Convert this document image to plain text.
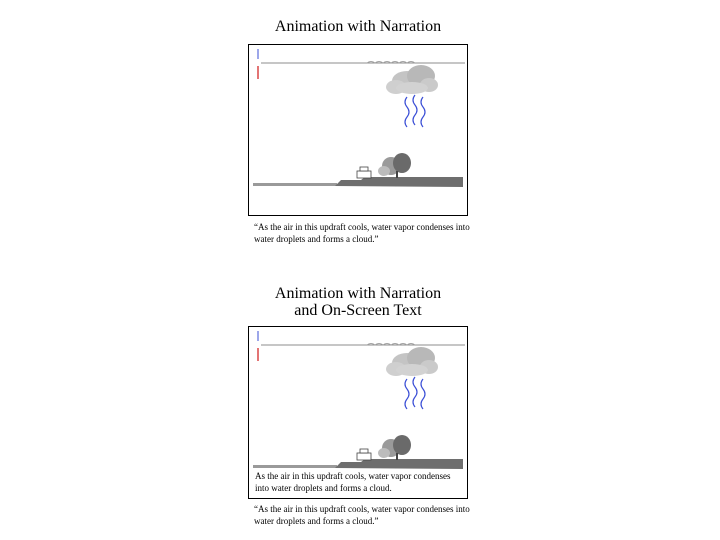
Animation with Narration
“As the air in this updraft cools, water vapor condenses into water droplets and forms a cloud.”
Animation with Narration
and On-Screen Text
As the air in this updraft cools, water vapor condenses into water droplets and forms a cloud.
“As the air in this updraft cools, water vapor condenses into water droplets and forms a cloud.”
